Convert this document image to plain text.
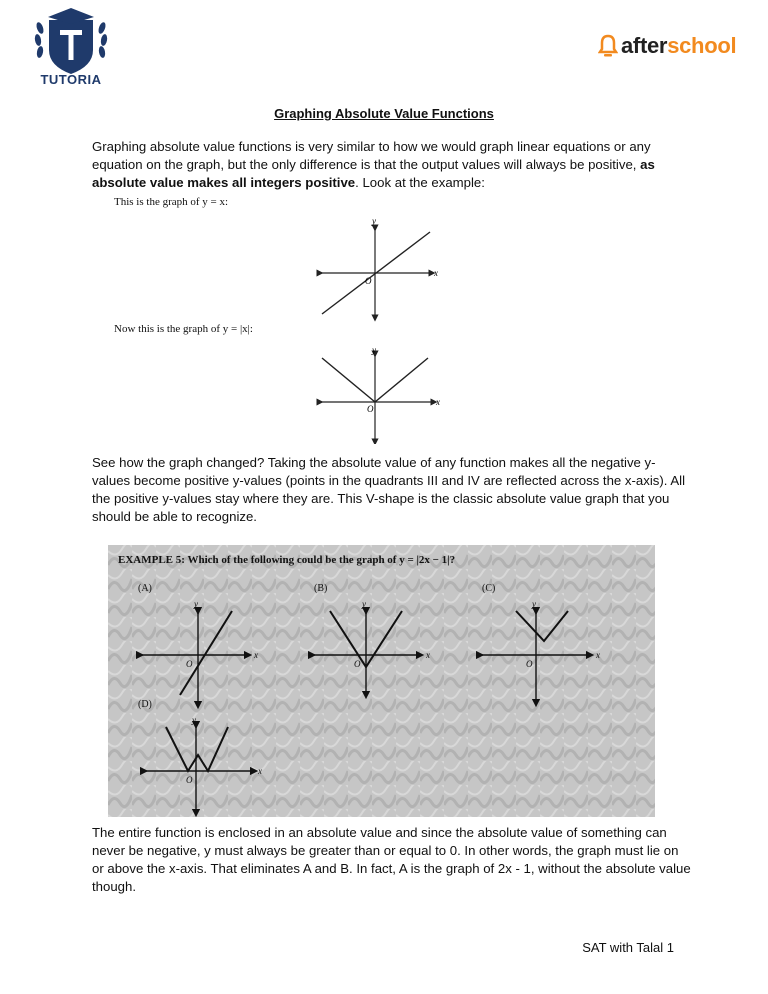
TUTORIA
afterschool
Graphing Absolute Value Functions
Graphing absolute value functions is very similar to how we would graph linear equations or any equation on the graph, but the only difference is that the output values will always be positive, as absolute value makes all integers positive. Look at the example:
This is the graph of y = x:
y
x
O
Now this is the graph of y = |x|:
y
x
O
See how the graph changed? Taking the absolute value of any function makes all the negative y-values become positive y-values (points in the quadrants III and IV are reflected across the x-axis). All the positive y-values stay where they are. This V-shape is the classic absolute value graph that you should be able to recognize.
EXAMPLE 5: Which of the following could be the graph of y = |2x − 1|?
(A)
y
x
O
(B)
y
x
O
(C)
y
x
O
(D)
y
x
O
The entire function is enclosed in an absolute value and since the absolute value of something can never be negative, y must always be greater than or equal to 0. In other words, the graph must lie on or above the x-axis. That eliminates A and B. In fact, A is the graph of 2x - 1, without the absolute value though.
SAT with Talal 1
